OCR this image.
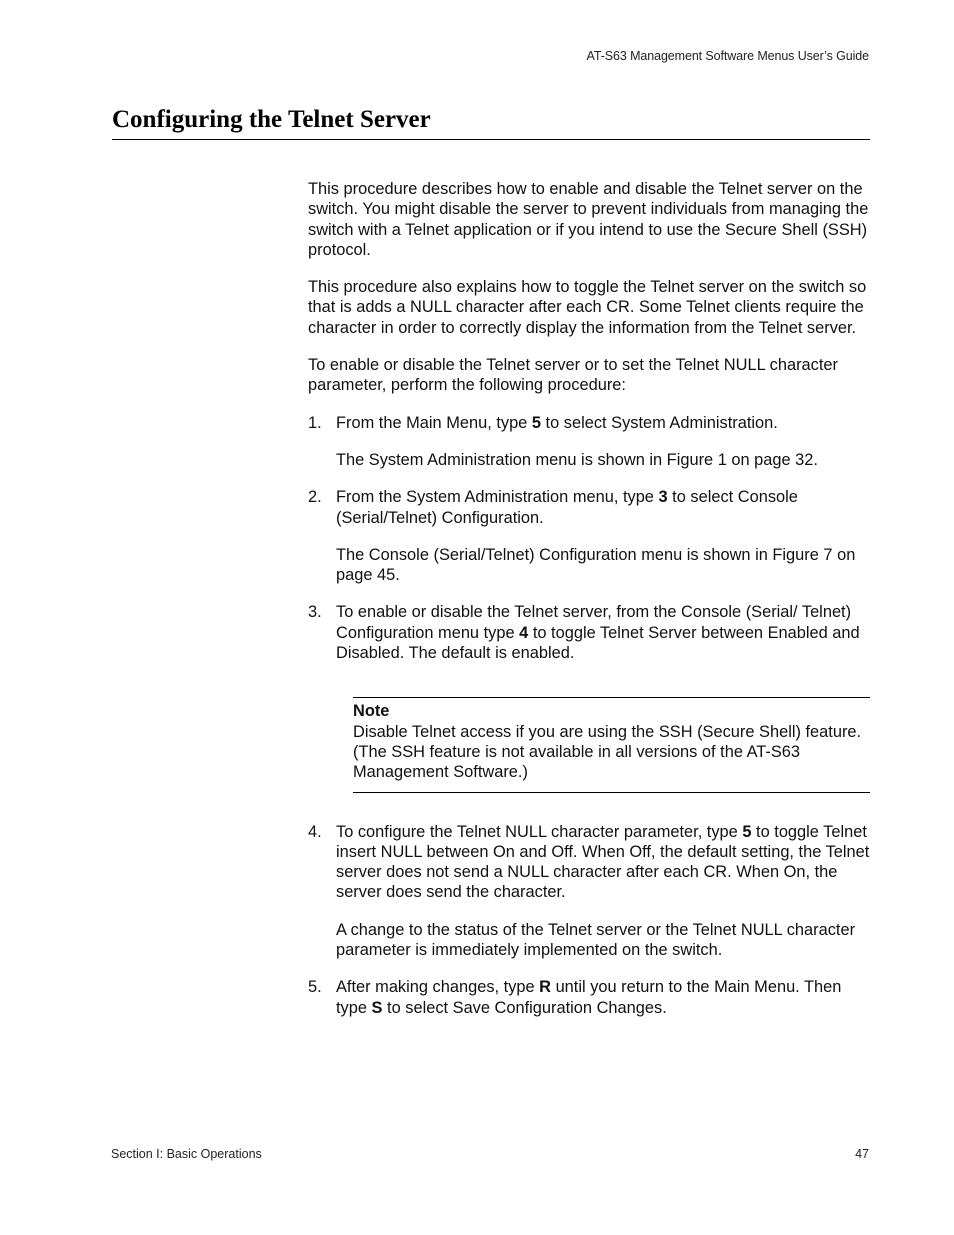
AT-S63 Management Software Menus User’s Guide
Configuring the Telnet Server

This procedure describes how to enable and disable the Telnet server on the switch. You might disable the server to prevent individuals from managing the switch with a Telnet application or if you intend to use the Secure Shell (SSH) protocol.

This procedure also explains how to toggle the Telnet server on the switch so that is adds a NULL character after each CR. Some Telnet clients require the character in order to correctly display the information from the Telnet server.

To enable or disable the Telnet server or to set the Telnet NULL character parameter, perform the following procedure:

1. From the Main Menu, type 5 to select System Administration.

The System Administration menu is shown in Figure 1 on page 32.

2. From the System Administration menu, type 3 to select Console (Serial/Telnet) Configuration.

The Console (Serial/Telnet) Configuration menu is shown in Figure 7 on page 45.

3. To enable or disable the Telnet server, from the Console (Serial/ Telnet) Configuration menu type 4 to toggle Telnet Server between Enabled and Disabled. The default is enabled.

Note
Disable Telnet access if you are using the SSH (Secure Shell) feature. (The SSH feature is not available in all versions of the AT-S63 Management Software.)
4. To configure the Telnet NULL character parameter, type 5 to toggle Telnet insert NULL between On and Off. When Off, the default setting, the Telnet server does not send a NULL character after each CR. When On, the server does send the character.

A change to the status of the Telnet server or the Telnet NULL character parameter is immediately implemented on the switch.

5. After making changes, type R until you return to the Main Menu. Then type S to select Save Configuration Changes.

Section I: Basic Operations	47
